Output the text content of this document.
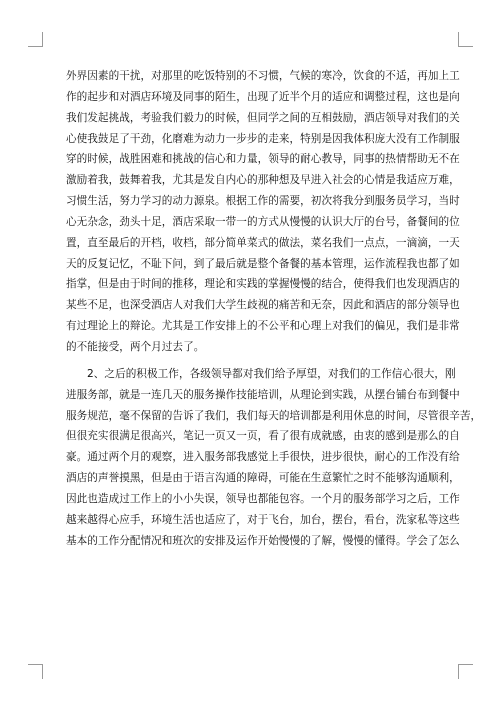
外界因素的干扰，对那里的吃饭特别的不习惯，气候的寒冷，饮食的不适，再加上工
作的起步和对酒店环境及同事的陌生，出现了近半个月的适应和调整过程，这也是向
我们发起挑战，考验我们毅力的时候，但同学之间的互相鼓励，酒店领导对我们的关
心使我鼓足了干劲，化磨难为动力一步步的走来，特别是因我体积庞大没有工作制服
穿的时候，战胜困难和挑战的信心和力量，领导的耐心教导，同事的热情帮助无不在
激励着我，鼓舞着我，尤其是发自内心的那种想及早进入社会的心情是我适应万难，
习惯生活，努力学习的动力源泉。根据工作的需要，初次将我分到服务员学习，当时
心无杂念，劲头十足，酒店采取一带一的方式从慢慢的认识大厅的台号，备餐间的位
置，直至最后的开档，收档，部分简单菜式的做法，菜名我们一点点，一滴滴，一天
天的反复记忆，不耻下问，到了最后就是整个备餐的基本管理，运作流程我也都了如
指掌，但是由于时间的推移，理论和实践的掌握慢慢的结合，使得我们也发现酒店的
某些不足，也深受酒店人对我们大学生歧视的痛苦和无奈，因此和酒店的部分领导也
有过理论上的辩论。尤其是工作安排上的不公平和心理上对我们的偏见，我们是非常
的不能接受，两个月过去了。
2、之后的积极工作，各级领导都对我们给予厚望，对我们的工作信心很大，刚
进服务部，就是一连几天的服务操作技能培训，从理论到实践，从摆台铺台布到餐中
服务规范，毫不保留的告诉了我们，我们每天的培训都是利用休息的时间，尽管很辛苦，
但很充实很满足很高兴，笔记一页又一页，看了很有成就感，由衷的感到是那么的自
豪。通过两个月的观察，进入服务部我感觉上手很快，进步很快，耐心的工作没有给
酒店的声誉摸黑，但是由于语言沟通的障碍，可能在生意繁忙之时不能够沟通顺利，
因此也造成过工作上的小小失误，领导也都能包容。一个月的服务部学习之后，工作
越来越得心应手，环境生活也适应了，对于飞台，加台，摆台，看台，洗家私等这些
基本的工作分配情况和班次的安排及运作开始慢慢的了解，慢慢的懂得。学会了怎么
